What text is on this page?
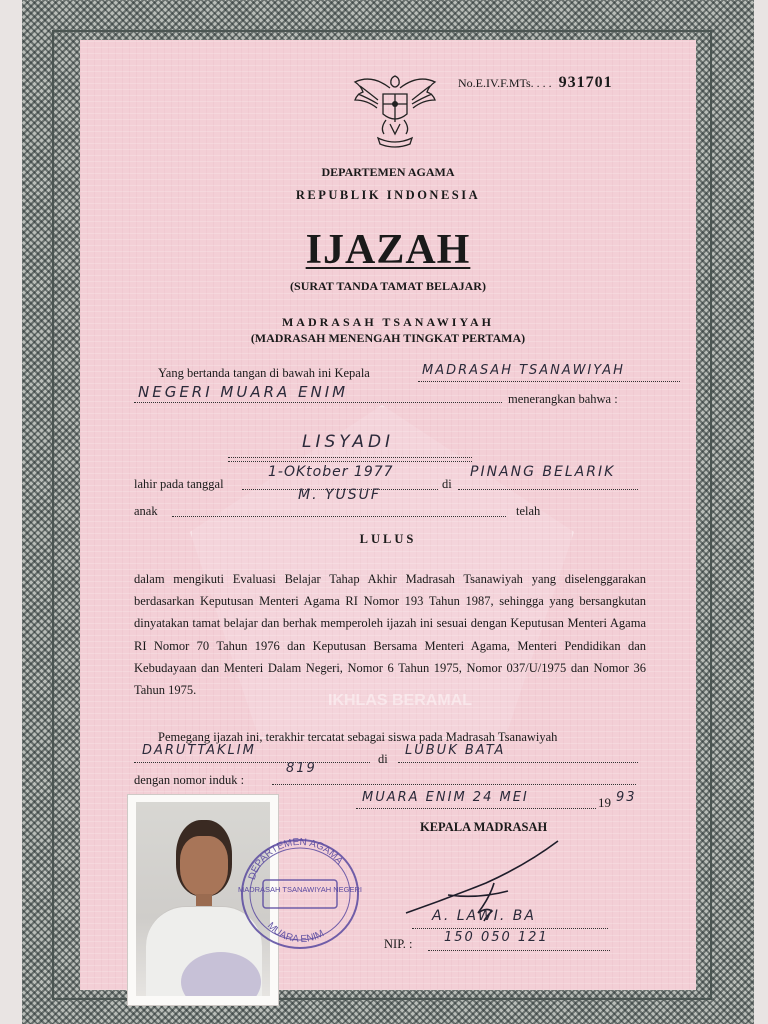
IKHLAS BERAMAL
No.E.IV.F.MTs. . . . 931701
DEPARTEMEN AGAMA
REPUBLIK INDONESIA
IJAZAH
(SURAT TANDA TAMAT BELAJAR)
MADRASAH TSANAWIYAH
(MADRASAH MENENGAH TINGKAT PERTAMA)
Yang bertanda tangan di bawah ini Kepala	MADRASAH TSANAWIYAH
NEGERI MUARA ENIM	menerangkan bahwa :
LISYADI
lahir pada tanggal
1-OKtober 1977
di
PINANG BELARIK
anak
M. YUSUF
telah
LULUS
dalam mengikuti Evaluasi Belajar Tahap Akhir Madrasah Tsanawiyah yang diselenggarakan berdasarkan Keputusan Menteri Agama RI Nomor 193 Tahun 1987, sehingga yang bersangkutan dinyatakan tamat belajar dan berhak memperoleh ijazah ini sesuai dengan Keputusan Menteri Agama RI Nomor 70 Tahun 1976 dan Keputusan Bersama Menteri Agama, Menteri Pendidikan dan Kebudayaan dan Menteri Dalam Negeri, Nomor 6 Tahun 1975, Nomor 037/U/1975 dan Nomor 36 Tahun 1975.
Pemegang ijazah ini, terakhir tercatat sebagai siswa pada Madrasah Tsanawiyah
DARUTTAKLIM
di
LUBUK BATA
dengan nomor induk :
819
MUARA ENIM 24 MEI	19 93
KEPALA MADRASAH
A. LAWI. BA
NIP. : 150 050 121
DEPARTEMEN AGAMA
MADRASAH TSANAWIYAH NEGERI
MUARA ENIM
